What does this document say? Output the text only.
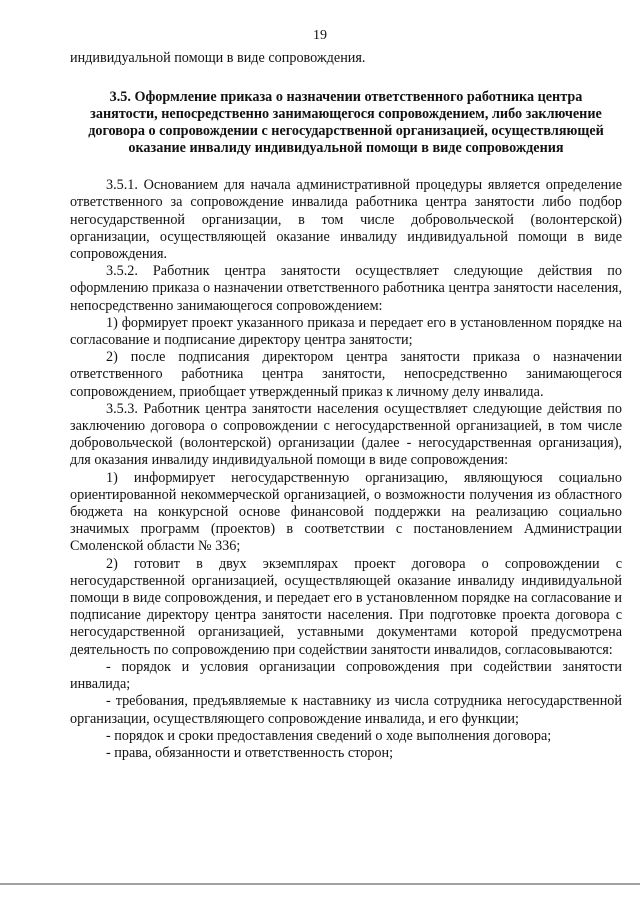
19

индивидуальной помощи в виде сопровождения.

3.5. Оформление приказа о назначении ответственного работника центра занятости, непосредственно занимающегося сопровождением, либо заключение договора о сопровождении с негосударственной организацией, осуществляющей оказание инвалиду индивидуальной помощи в виде сопровождения

3.5.1. Основанием для начала административной процедуры является определение ответственного за сопровождение инвалида работника центра занятости либо подбор негосударственной организации, в том числе добровольческой (волонтерской) организации, осуществляющей оказание инвалиду индивидуальной помощи в виде сопровождения.

3.5.2. Работник центра занятости осуществляет следующие действия по оформлению приказа о назначении ответственного работника центра занятости населения, непосредственно занимающегося сопровождением:

1) формирует проект указанного приказа и передает его в установленном порядке на согласование и подписание директору центра занятости;

2) после подписания директором центра занятости приказа о назначении ответственного работника центра занятости, непосредственно занимающегося сопровождением, приобщает утвержденный приказ к личному делу инвалида.

3.5.3. Работник центра занятости населения осуществляет следующие действия по заключению договора о сопровождении с негосударственной организацией, в том числе добровольческой (волонтерской) организации (далее - негосударственная организация), для оказания инвалиду индивидуальной помощи в виде сопровождения:

1) информирует негосударственную организацию, являющуюся социально ориентированной некоммерческой организацией, о возможности получения из областного бюджета на конкурсной основе финансовой поддержки на реализацию социально значимых программ (проектов) в соответствии с постановлением Администрации Смоленской области № 336;

2) готовит в двух экземплярах проект договора о сопровождении с негосударственной организацией, осуществляющей оказание инвалиду индивидуальной помощи в виде сопровождения, и передает его в установленном порядке на согласование и подписание директору центра занятости населения. При подготовке проекта договора с негосударственной организацией, уставными документами которой предусмотрена деятельность по сопровождению при содействии занятости инвалидов, согласовываются:

- порядок и условия организации сопровождения при содействии занятости инвалида;

- требования, предъявляемые к наставнику из числа сотрудника негосударственной организации, осуществляющего сопровождение инвалида, и его функции;

- порядок и сроки предоставления сведений о ходе выполнения договора;

- права, обязанности и ответственность сторон;
